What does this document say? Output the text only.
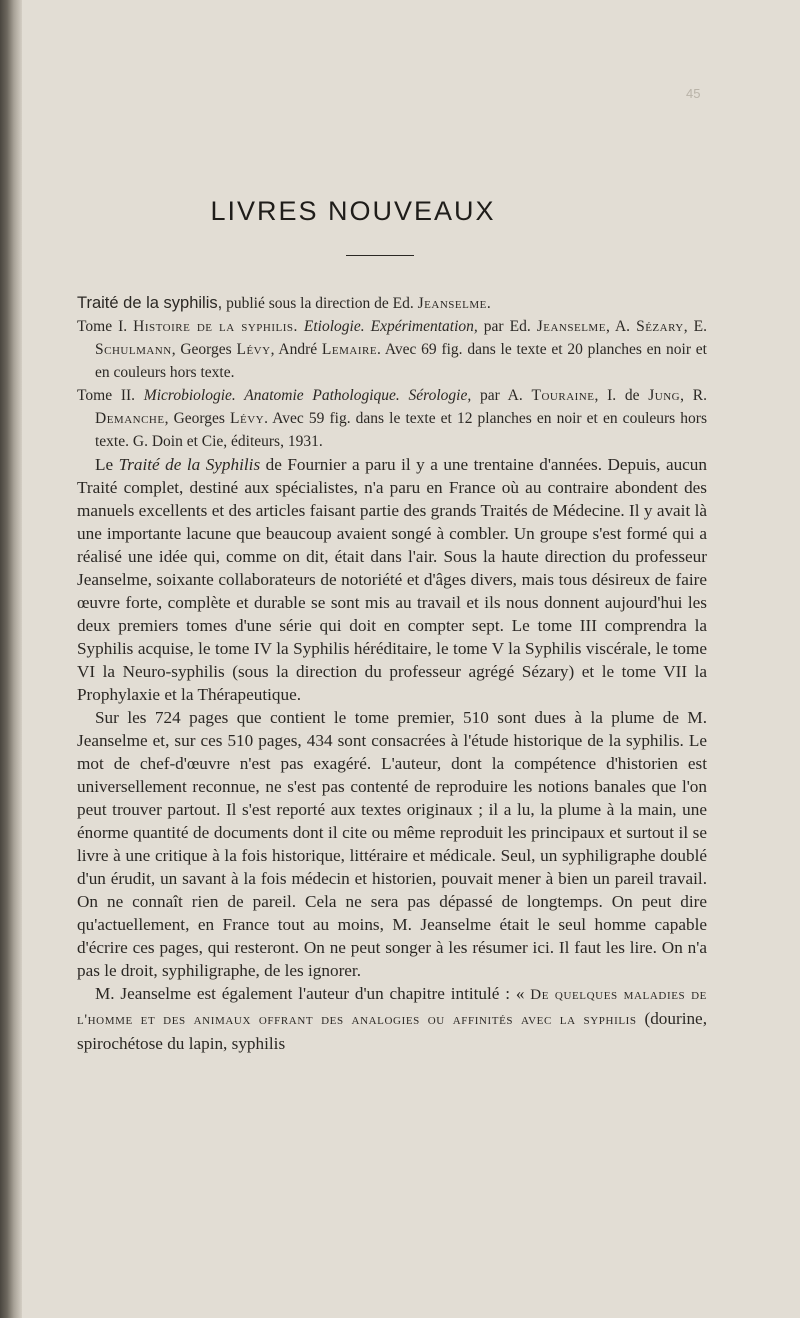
45
LIVRES NOUVEAUX

Traité de la syphilis, publié sous la direction de Ed. Jeanselme.

Tome I. Histoire de la syphilis. Etiologie. Expérimentation, par Ed. Jeanselme, A. Sézary, E. Schulmann, Georges Lévy, André Lemaire. Avec 69 fig. dans le texte et 20 planches en noir et en couleurs hors texte.

Tome II. Microbiologie. Anatomie Pathologique. Sérologie, par A. Touraine, I. de Jung, R. Demanche, Georges Lévy. Avec 59 fig. dans le texte et 12 planches en noir et en couleurs hors texte. G. Doin et Cie, éditeurs, 1931.

Le Traité de la Syphilis de Fournier a paru il y a une trentaine d'années. Depuis, aucun Traité complet, destiné aux spécialistes, n'a paru en France où au contraire abondent des manuels excellents et des articles faisant partie des grands Traités de Médecine. Il y avait là une importante lacune que beaucoup avaient songé à combler. Un groupe s'est formé qui a réalisé une idée qui, comme on dit, était dans l'air. Sous la haute direction du professeur Jeanselme, soixante collaborateurs de notoriété et d'âges divers, mais tous désireux de faire œuvre forte, complète et durable se sont mis au travail et ils nous donnent aujourd'hui les deux premiers tomes d'une série qui doit en compter sept. Le tome III comprendra la Syphilis acquise, le tome IV la Syphilis héréditaire, le tome V la Syphilis viscérale, le tome VI la Neuro-syphilis (sous la direction du professeur agrégé Sézary) et le tome VII la Prophylaxie et la Thérapeutique.

Sur les 724 pages que contient le tome premier, 510 sont dues à la plume de M. Jeanselme et, sur ces 510 pages, 434 sont consacrées à l'étude historique de la syphilis. Le mot de chef-d'œuvre n'est pas exagéré. L'auteur, dont la compétence d'historien est universellement reconnue, ne s'est pas contenté de reproduire les notions banales que l'on peut trouver partout. Il s'est reporté aux textes originaux ; il a lu, la plume à la main, une énorme quantité de documents dont il cite ou même reproduit les principaux et surtout il se livre à une critique à la fois historique, littéraire et médicale. Seul, un syphiligraphe doublé d'un érudit, un savant à la fois médecin et historien, pouvait mener à bien un pareil travail. On ne connaît rien de pareil. Cela ne sera pas dépassé de longtemps. On peut dire qu'actuellement, en France tout au moins, M. Jeanselme était le seul homme capable d'écrire ces pages, qui resteront. On ne peut songer à les résumer ici. Il faut les lire. On n'a pas le droit, syphiligraphe, de les ignorer.

M. Jeanselme est également l'auteur d'un chapitre intitulé : « De quelques maladies de l'homme et des animaux offrant des analogies ou affinités avec la syphilis (dourine, spirochétose du lapin, syphilis
